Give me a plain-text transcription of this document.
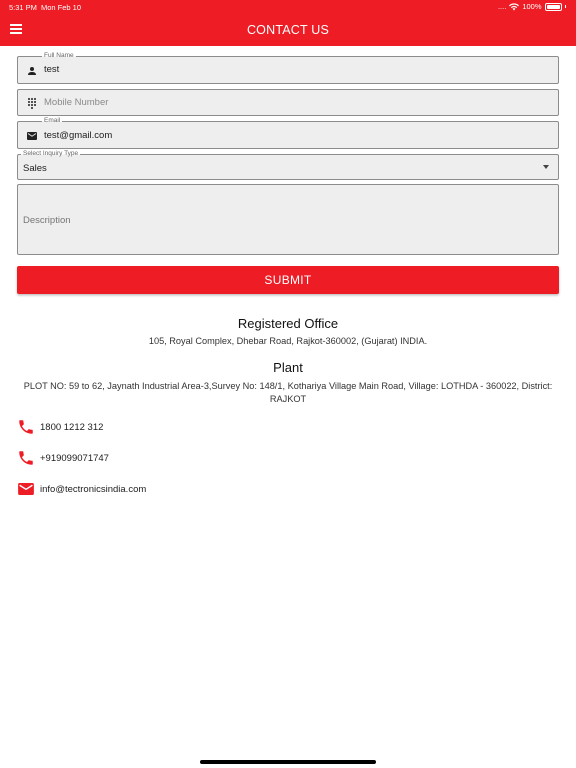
5:31 PM Mon Feb 10	.... 100%
CONTACT US
Full Name
test
Mobile Number
Email
test@gmail.com
Select Inquiry Type
Sales
Description
SUBMIT
Registered Office
105, Royal Complex, Dhebar Road, Rajkot-360002, (Gujarat) INDIA.
Plant
PLOT NO: 59 to 62, Jaynath Industrial Area-3,Survey No: 148/1, Kothariya Village Main Road, Village: LOTHDA - 360022, District: RAJKOT
1800 1212 312
+919099071747
info@tectronicsindia.com
